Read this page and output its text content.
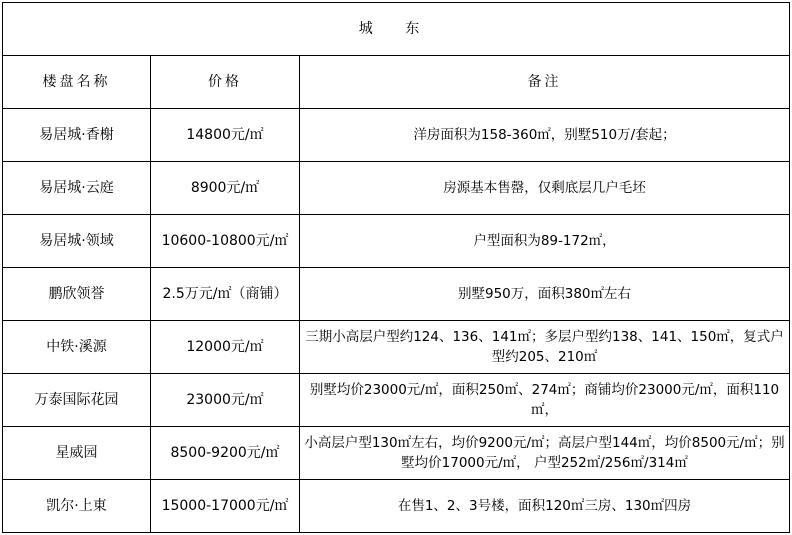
城 东		
楼盘名称	价格	备注
易居城·香榭	14800元/㎡	洋房面积为158-360㎡，别墅510万/套起；
易居城·云庭	8900元/㎡	房源基本售罄，仅剩底层几户毛坯
易居城·领域	10600-10800元/㎡	户型面积为89-172㎡，
鹏欣领誉	2.5万元/㎡（商铺）	别墅950万，面积380㎡左右
中铁·溪源	12000元/㎡	三期小高层户型约124、136、141㎡；多层户型约138、141、150㎡，复式户型约205、210㎡
万泰国际花园	23000元/㎡	别墅均价23000元/㎡，面积250㎡、274㎡；商铺均价23000元/㎡，面积110㎡，
星威园	8500-9200元/㎡	小高层户型130㎡左右，均价9200元/㎡；高层户型144㎡，均价8500元/㎡；别墅均价17000元/㎡， 户型252㎡/256㎡/314㎡
凯尔·上東	15000-17000元/㎡	在售1、2、3号楼，面积120㎡三房、130㎡四房
